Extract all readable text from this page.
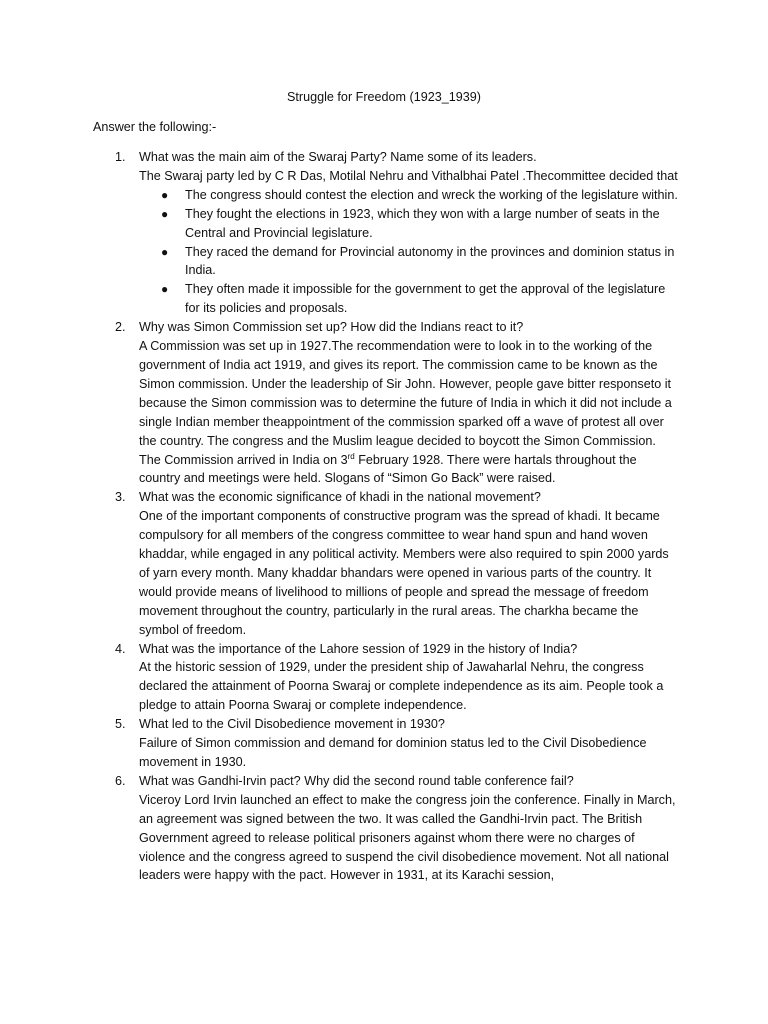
Struggle for Freedom (1923_1939)

Answer the following:-

1. What was the main aim of the Swaraj Party? Name some of its leaders.
The Swaraj party led by C R Das, Motilal Nehru and Vithalbhai Patel .Thecommittee decided that
● The congress should contest the election and wreck the working of the legislature within.
● They fought the elections in 1923, which they won with a large number of seats in the Central and Provincial legislature.
● They raced the demand for Provincial autonomy in the provinces and dominion status in India.
● They often made it impossible for the government to get the approval of the legislature for its policies and proposals.
2. Why was Simon Commission set up? How did the Indians react to it?
A Commission was set up in 1927.The recommendation were to look in to the working of the government of India act 1919, and gives its report. The commission came to be known as the Simon commission. Under the leadership of Sir John. However, people gave bitter responseto it because the Simon commission was to determine the future of India in which it did not include a single Indian member theappointment of the commission sparked off a wave of protest all over the country. The congress and the Muslim league decided to boycott the Simon Commission. The Commission arrived in India on 3rd February 1928. There were hartals throughout the country and meetings were held. Slogans of “Simon Go Back” were raised.
3. What was the economic significance of khadi in the national movement?
One of the important components of constructive program was the spread of khadi. It became compulsory for all members of the congress committee to wear hand spun and hand woven khaddar, while engaged in any political activity. Members were also required to spin 2000 yards of yarn every month. Many khaddar bhandars were opened in various parts of the country. It would provide means of livelihood to millions of people and spread the message of freedom movement throughout the country, particularly in the rural areas. The charkha became the symbol of freedom.
4. What was the importance of the Lahore session of 1929 in the history of India?
At the historic session of 1929, under the president ship of Jawaharlal Nehru, the congress declared the attainment of Poorna Swaraj or complete independence as its aim. People took a pledge to attain Poorna Swaraj or complete independence.
5. What led to the Civil Disobedience movement in 1930?
Failure of Simon commission and demand for dominion status led to the Civil Disobedience movement in 1930.
6. What was Gandhi-Irvin pact? Why did the second round table conference fail?
Viceroy Lord Irvin launched an effect to make the congress join the conference. Finally in March, an agreement was signed between the two. It was called the Gandhi-Irvin pact. The British Government agreed to release political prisoners against whom there were no charges of violence and the congress agreed to suspend the civil disobedience movement. Not all national leaders were happy with the pact. However in 1931, at its Karachi session,
